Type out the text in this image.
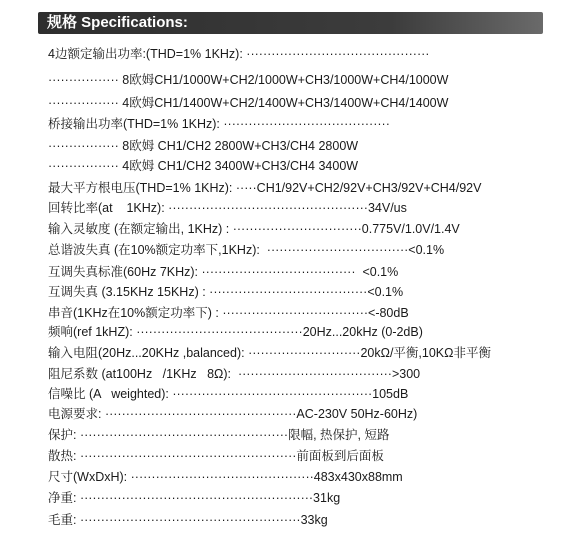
规格 Specifications:
4边额定输出功率:(THD=1% 1KHz): ············································
················· 8欧姆CH1/1000W+CH2/1000W+CH3/1000W+CH4/1000W
················· 4欧姆CH1/1400W+CH2/1400W+CH3/1400W+CH4/1400W
桥接输出功率(THD=1% 1KHz): ········································
················· 8欧姆 CH1/CH2 2800W+CH3/CH4 2800W
················· 4欧姆 CH1/CH2 3400W+CH3/CH4 3400W
最大平方根电压(THD=1% 1KHz): ·····CH1/92V+CH2/92V+CH3/92V+CH4/92V
回转比率(at    1KHz): ················································34V/us
输入灵敏度 (在额定输出, 1KHz) : ·······························0.775V/1.0V/1.4V
总谐波失真 (在10%额定功率下,1KHz):  ··································<0.1%
互调失真标准(60Hz 7KHz): ·····································  <0.1%
互调失真 (3.15KHz 15KHz) : ······································<0.1%
串音(1KHz在10%额定功率下) : ···································<-80dB
频响(ref 1kHZ): ········································20Hz...20kHz (0-2dB)
输入电阻(20Hz...20KHz ,balanced): ···························20kΩ/平衡,10KΩ非平衡
阻尼系数 (at100Hz   /1KHz   8Ω):  ·····································>300
信噪比 (A   weighted): ················································105dB
电源要求: ··············································AC-230V 50Hz-60Hz)
保护: ··················································限幅, 热保护, 短路
散热: ····················································前面板到后面板
尺寸(WxDxH): ············································483x430x88mm
净重: ························································31kg
毛重: ·····················································33kg
